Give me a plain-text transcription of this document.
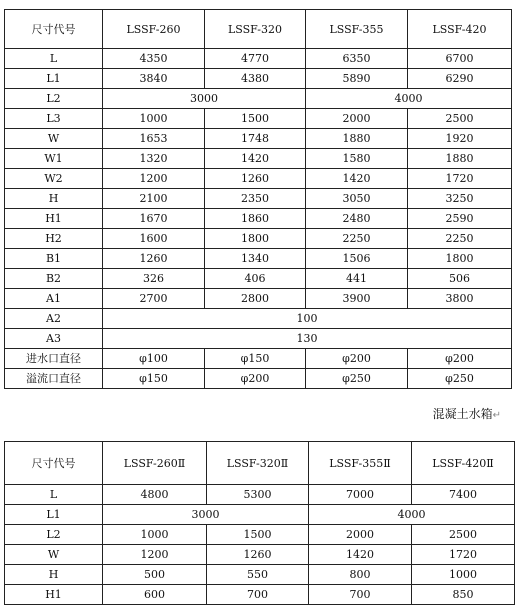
尺寸代号	LSSF-260	LSSF-320	LSSF-355	LSSF-420
L	4350	4770	6350	6700
L1	3840	4380	5890	6290
L2	3000		4000	
L3	1000	1500	2000	2500
W	1653	1748	1880	1920
W1	1320	1420	1580	1880
W2	1200	1260	1420	1720
H	2100	2350	3050	3250
H1	1670	1860	2480	2590
H2	1600	1800	2250	2250
B1	1260	1340	1506	1800
B2	326	406	441	506
A1	2700	2800	3900	3800
A2	100			
A3	130			
进水口直径	φ100	φ150	φ200	φ200
溢流口直径	φ150	φ200	φ250	φ250
混凝土水箱↵
尺寸代号	LSSF-260Ⅱ	LSSF-320Ⅱ	LSSF-355Ⅱ	LSSF-420Ⅱ
L	4800	5300	7000	7400
L1	3000		4000	
L2	1000	1500	2000	2500
W	1200	1260	1420	1720
H	500	550	800	1000
H1	600	700	700	850
